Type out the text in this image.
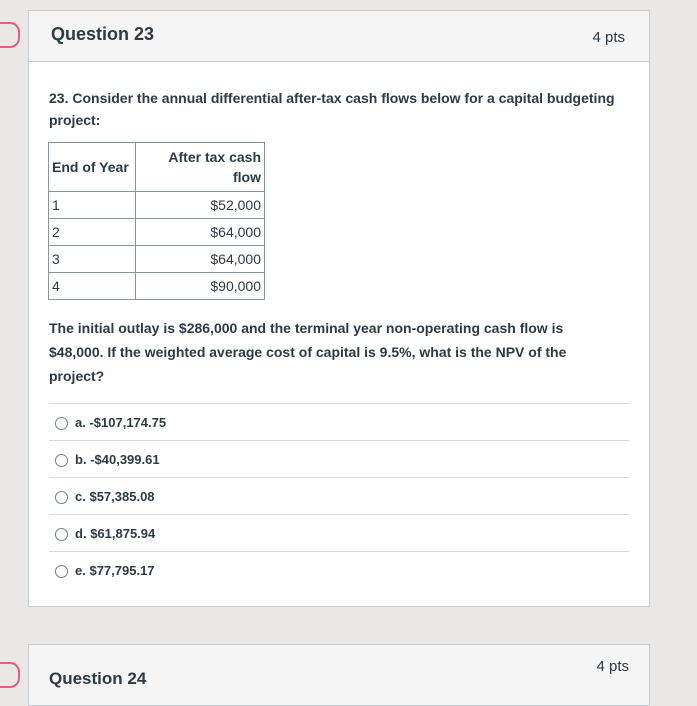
Question 23	4 pts
23. Consider the annual differential after-tax cash flows below for a capital budgeting project:
End of Year	After tax cash flow
1	$52,000
2	$64,000
3	$64,000
4	$90,000
The initial outlay is $286,000 and the terminal year non-operating cash flow is $48,000. If the weighted average cost of capital is 9.5%, what is the NPV of the project?
a. -$107,174.75
b. -$40,399.61
c. $57,385.08
d. $61,875.94
e. $77,795.17
Question 24
4 pts
